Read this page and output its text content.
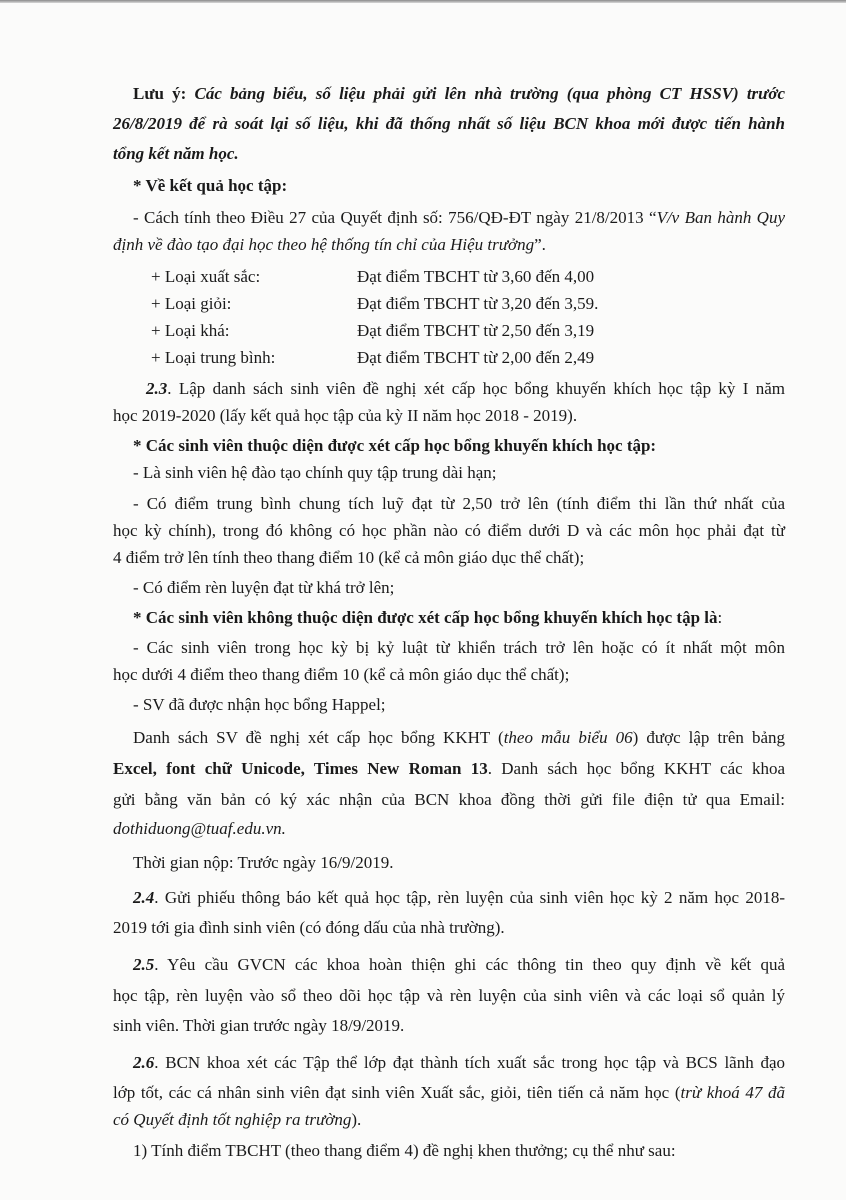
Lưu ý: Các bảng biểu, số liệu phải gửi lên nhà trường (qua phòng CT HSSV) trước

26/8/2019 để rà soát lại số liệu, khi đã thống nhất số liệu BCN khoa mới được tiến hành

tổng kết năm học.

* Về kết quả học tập:

- Cách tính theo Điều 27 của Quyết định số: 756/QĐ-ĐT ngày 21/8/2013 “V/v Ban hành Quy

định về đào tạo đại học theo hệ thống tín chỉ của Hiệu trưởng”.

+ Loại xuất sắc:	Đạt điểm TBCHT từ 3,60 đến 4,00
+ Loại giỏi:	Đạt điểm TBCHT từ 3,20 đến 3,59.
+ Loại khá:	Đạt điểm TBCHT từ 2,50 đến 3,19
+ Loại trung bình:	Đạt điểm TBCHT từ 2,00 đến 2,49

2.3. Lập danh sách sinh viên đề nghị xét cấp học bổng khuyến khích học tập kỳ I năm

học 2019-2020 (lấy kết quả học tập của kỳ II năm học 2018 - 2019).

* Các sinh viên thuộc diện được xét cấp học bổng khuyến khích học tập:

- Là sinh viên hệ đào tạo chính quy tập trung dài hạn;

- Có điểm trung bình chung tích luỹ đạt từ 2,50 trở lên (tính điểm thi lần thứ nhất của

học kỳ chính), trong đó không có học phần nào có điểm dưới D và các môn học phải đạt từ

4 điểm trở lên tính theo thang điểm 10 (kể cả môn giáo dục thể chất);

- Có điểm rèn luyện đạt từ khá trở lên;

* Các sinh viên không thuộc diện được xét cấp học bổng khuyến khích học tập là:

- Các sinh viên trong học kỳ bị kỷ luật từ khiển trách trở lên hoặc có ít nhất một môn

học dưới 4 điểm theo thang điểm 10 (kể cả môn giáo dục thể chất);

- SV đã được nhận học bổng Happel;

Danh sách SV đề nghị xét cấp học bổng KKHT (theo mẫu biểu 06) được lập trên bảng

Excel, font chữ Unicode, Times New Roman 13. Danh sách học bổng KKHT các khoa

gửi bằng văn bản có ký xác nhận của BCN khoa đồng thời gửi file điện tử qua Email:

dothiduong@tuaf.edu.vn.

Thời gian nộp: Trước ngày 16/9/2019.

2.4. Gửi phiếu thông báo kết quả học tập, rèn luyện của sinh viên học kỳ 2 năm học 2018-

2019 tới gia đình sinh viên (có đóng dấu của nhà trường).

2.5. Yêu cầu GVCN các khoa hoàn thiện ghi các thông tin theo quy định về kết quả

học tập, rèn luyện vào sổ theo dõi học tập và rèn luyện của sinh viên và các loại sổ quản lý

sinh viên. Thời gian trước ngày 18/9/2019.

2.6. BCN khoa xét các Tập thể lớp đạt thành tích xuất sắc trong học tập và BCS lãnh đạo

lớp tốt, các cá nhân sinh viên đạt sinh viên Xuất sắc, giỏi, tiên tiến cả năm học (trừ khoá 47 đã

có Quyết định tốt nghiệp ra trường).

1) Tính điểm TBCHT (theo thang điểm 4) đề nghị khen thưởng; cụ thể như sau:
